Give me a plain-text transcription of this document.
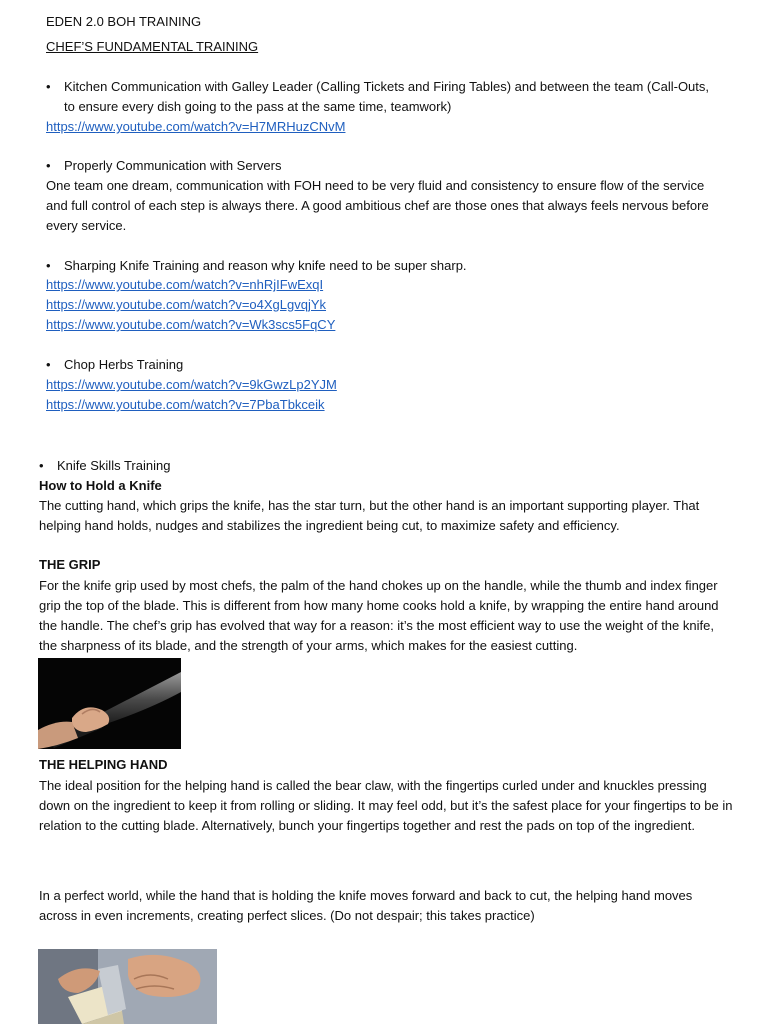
EDEN 2.0 BOH TRAINING
CHEF’S FUNDAMENTAL TRAINING
• Kitchen Communication with Galley Leader (Calling Tickets and Firing Tables) and between the team (Call-Outs,
to ensure every dish going to the pass at the same time, teamwork)
https://www.youtube.com/watch?v=H7MRHuzCNvM
• Properly Communication with Servers
One team one dream, communication with FOH need to be very fluid and consistency to ensure flow of the service and full control of each step is always there. A good ambitious chef are those ones that always feels nervous before every service.
• Sharping Knife Training and reason why knife need to be super sharp.
https://www.youtube.com/watch?v=nhRjIFwExqI
https://www.youtube.com/watch?v=o4XgLgvqjYk
https://www.youtube.com/watch?v=Wk3scs5FqCY
• Chop Herbs Training
https://www.youtube.com/watch?v=9kGwzLp2YJM
https://www.youtube.com/watch?v=7PbaTbkceik
• Knife Skills Training
How to Hold a Knife
The cutting hand, which grips the knife, has the star turn, but the other hand is an important supporting player. That helping hand holds, nudges and stabilizes the ingredient being cut, to maximize safety and efficiency.
THE GRIP
For the knife grip used by most chefs, the palm of the hand chokes up on the handle, while the thumb and index finger grip the top of the blade. This is different from how many home cooks hold a knife, by wrapping the entire hand around the handle. The chef’s grip has evolved that way for a reason: it’s the most efficient way to use the weight of the knife, the sharpness of its blade, and the strength of your arms, which makes for the easiest cutting.
THE HELPING HAND
The ideal position for the helping hand is called the bear claw, with the fingertips curled under and knuckles pressing down on the ingredient to keep it from rolling or sliding. It may feel odd, but it’s the safest place for your fingertips to be in relation to the cutting blade. Alternatively, bunch your fingertips together and rest the pads on top of the ingredient.
In a perfect world, while the hand that is holding the knife moves forward and back to cut, the helping hand moves across in even increments, creating perfect slices. (Do not despair; this takes practice)
